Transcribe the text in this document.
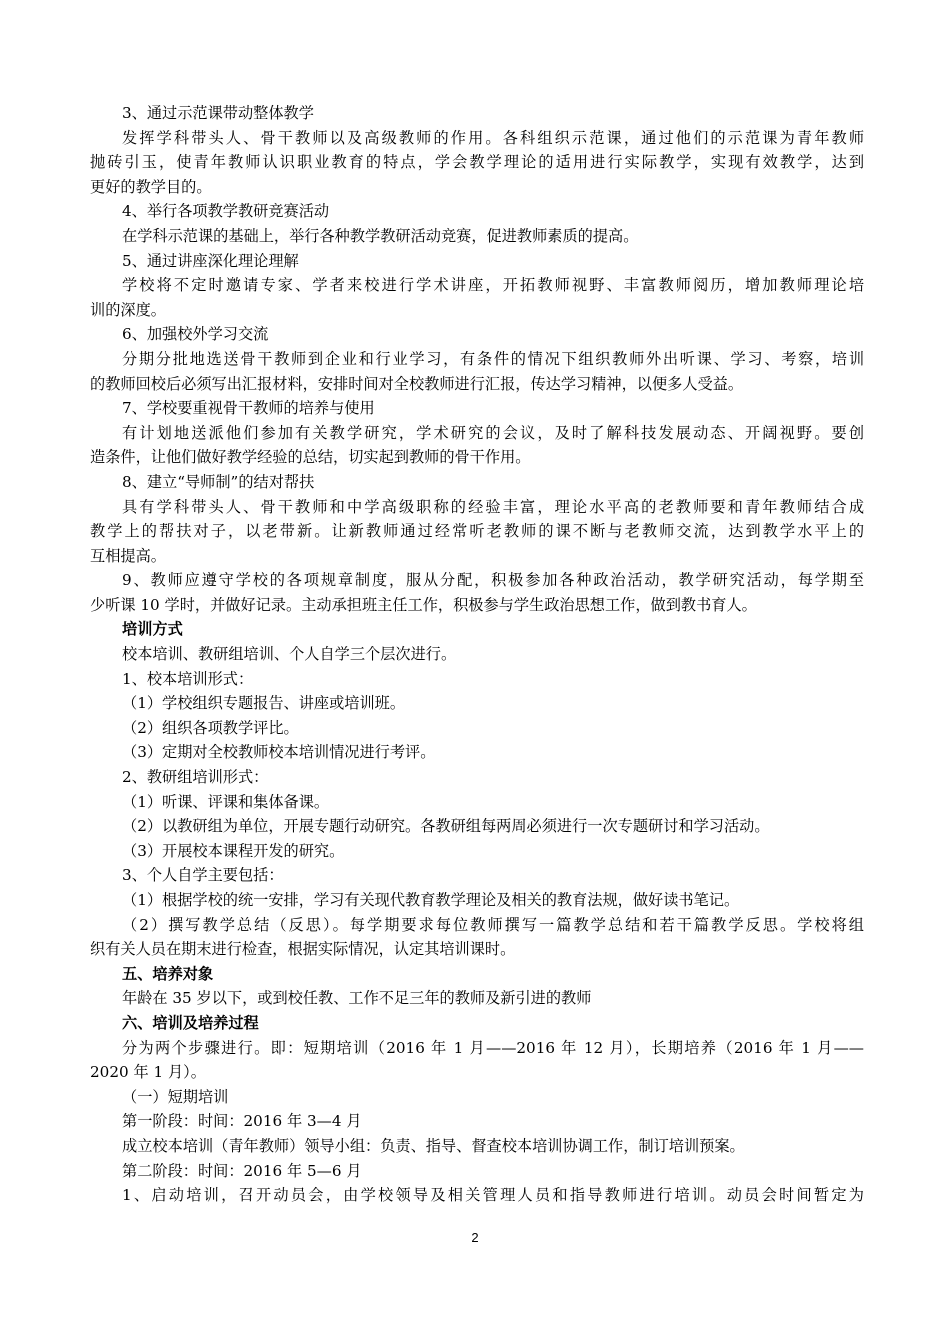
3、通过示范课带动整体教学
发挥学科带头人、骨干教师以及高级教师的作用。各科组织示范课，通过他们的示范课为青年教师
抛砖引玉，使青年教师认识职业教育的特点，学会教学理论的适用进行实际教学，实现有效教学，达到
更好的教学目的。
4、举行各项教学教研竞赛活动
在学科示范课的基础上，举行各种教学教研活动竞赛，促进教师素质的提高。
5、通过讲座深化理论理解
学校将不定时邀请专家、学者来校进行学术讲座，开拓教师视野、丰富教师阅历，增加教师理论培
训的深度。
6、加强校外学习交流
分期分批地选送骨干教师到企业和行业学习，有条件的情况下组织教师外出听课、学习、考察，培训
的教师回校后必须写出汇报材料，安排时间对全校教师进行汇报，传达学习精神，以便多人受益。
7、学校要重视骨干教师的培养与使用
有计划地送派他们参加有关教学研究，学术研究的会议，及时了解科技发展动态、开阔视野。要创
造条件，让他们做好教学经验的总结，切实起到教师的骨干作用。
8、建立“导师制”的结对帮扶
具有学科带头人、骨干教师和中学高级职称的经验丰富，理论水平高的老教师要和青年教师结合成
教学上的帮扶对子，以老带新。让新教师通过经常听老教师的课不断与老教师交流，达到教学水平上的
互相提高。
9、教师应遵守学校的各项规章制度，服从分配，积极参加各种政治活动，教学研究活动，每学期至
少听课 10 学时，并做好记录。主动承担班主任工作，积极参与学生政治思想工作，做到教书育人。
培训方式
校本培训、教研组培训、个人自学三个层次进行。
1、校本培训形式：
（1）学校组织专题报告、讲座或培训班。
（2）组织各项教学评比。
（3）定期对全校教师校本培训情况进行考评。
2、教研组培训形式：
（1）听课、评课和集体备课。
（2）以教研组为单位，开展专题行动研究。各教研组每两周必须进行一次专题研讨和学习活动。
（3）开展校本课程开发的研究。
3、个人自学主要包括：
（1）根据学校的统一安排，学习有关现代教育教学理论及相关的教育法规，做好读书笔记。
（2）撰写教学总结（反思）。每学期要求每位教师撰写一篇教学总结和若干篇教学反思。学校将组
织有关人员在期末进行检查，根据实际情况，认定其培训课时。
五、培养对象
年龄在 35 岁以下，或到校任教、工作不足三年的教师及新引进的教师
六、培训及培养过程
分为两个步骤进行。即：短期培训（2016 年 1 月——2016 年 12 月），长期培养（2016 年 1 月——
2020 年 1 月）。
（一）短期培训
第一阶段：时间：2016 年 3—4 月
成立校本培训（青年教师）领导小组：负责、指导、督查校本培训协调工作，制订培训预案。
第二阶段：时间：2016 年 5—6 月
1、启动培训，召开动员会，由学校领导及相关管理人员和指导教师进行培训。动员会时间暂定为
2
